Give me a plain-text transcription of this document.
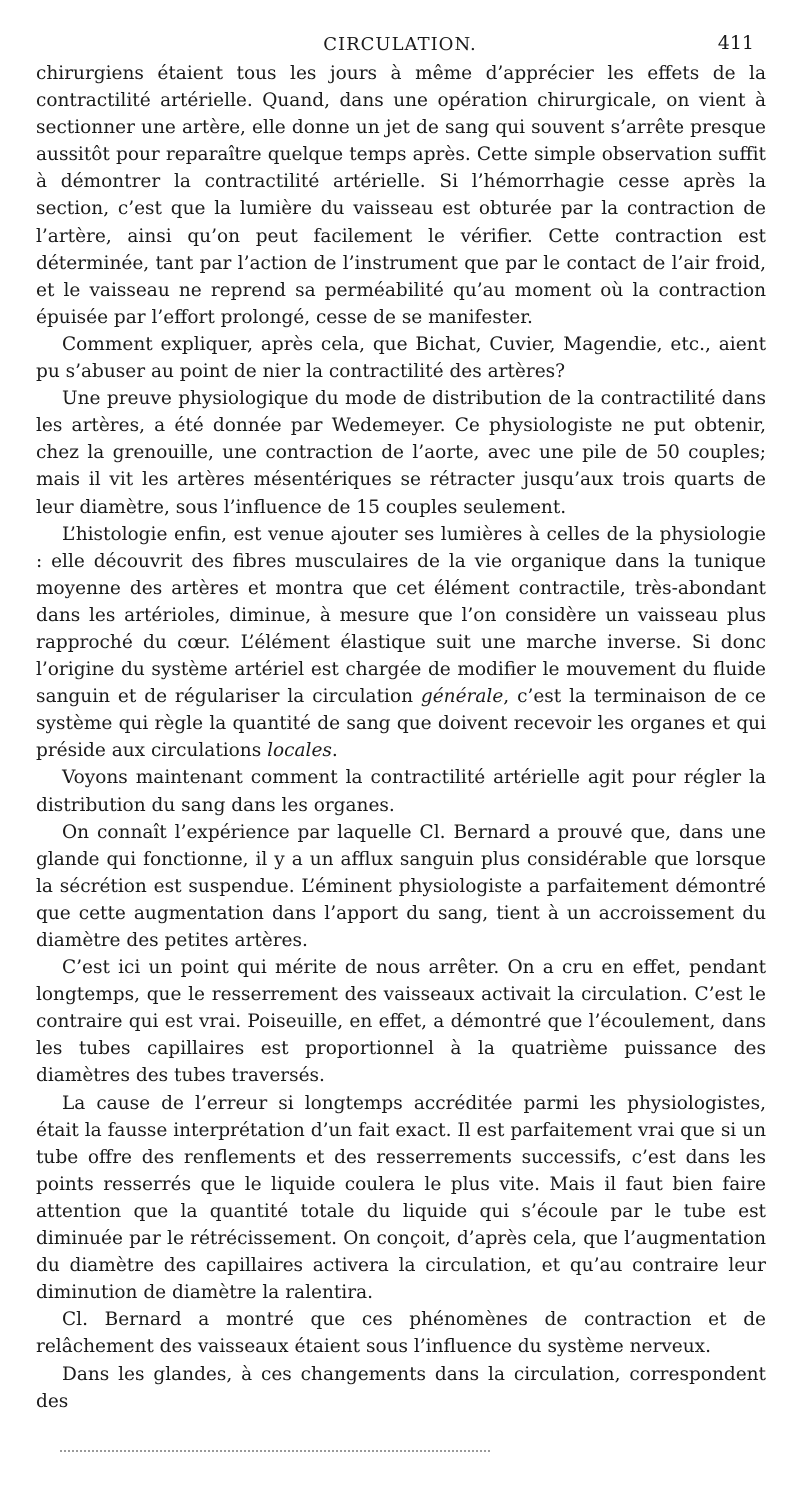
CIRCULATION.	411

chirurgiens étaient tous les jours à même d’apprécier les effets de la contractilité artérielle. Quand, dans une opération chirurgicale, on vient à sectionner une artère, elle donne un jet de sang qui souvent s’arrête presque aussitôt pour reparaître quelque temps après. Cette simple observation suffit à démontrer la contractilité artérielle. Si l’hémorrhagie cesse après la section, c’est que la lumière du vaisseau est obturée par la contraction de l’artère, ainsi qu’on peut facilement le vérifier. Cette contraction est déterminée, tant par l’action de l’instrument que par le contact de l’air froid, et le vaisseau ne reprend sa perméabilité qu’au moment où la contraction épuisée par l’effort prolongé, cesse de se manifester.

Comment expliquer, après cela, que Bichat, Cuvier, Magendie, etc., aient pu s’abuser au point de nier la contractilité des artères?

Une preuve physiologique du mode de distribution de la contractilité dans les artères, a été donnée par Wedemeyer. Ce physiologiste ne put obtenir, chez la grenouille, une contraction de l’aorte, avec une pile de 50 couples; mais il vit les artères mésentériques se rétracter jusqu’aux trois quarts de leur diamètre, sous l’influence de 15 couples seulement.

L’histologie enfin, est venue ajouter ses lumières à celles de la physiologie : elle découvrit des fibres musculaires de la vie organique dans la tunique moyenne des artères et montra que cet élément contractile, très-abondant dans les artérioles, diminue, à mesure que l’on considère un vaisseau plus rapproché du cœur. L’élément élastique suit une marche inverse. Si donc l’origine du système artériel est chargée de modifier le mouvement du fluide sanguin et de régulariser la circulation générale, c’est la terminaison de ce système qui règle la quantité de sang que doivent recevoir les organes et qui préside aux circulations locales.

Voyons maintenant comment la contractilité artérielle agit pour régler la distribution du sang dans les organes.

On connaît l’expérience par laquelle Cl. Bernard a prouvé que, dans une glande qui fonctionne, il y a un afflux sanguin plus considérable que lorsque la sécrétion est suspendue. L’éminent physiologiste a parfaitement démontré que cette augmentation dans l’apport du sang, tient à un accroissement du diamètre des petites artères.

C’est ici un point qui mérite de nous arrêter. On a cru en effet, pendant longtemps, que le resserrement des vaisseaux activait la circulation. C’est le contraire qui est vrai. Poiseuille, en effet, a démontré que l’écoulement, dans les tubes capillaires est proportionnel à la quatrième puissance des diamètres des tubes traversés.

La cause de l’erreur si longtemps accréditée parmi les physiologistes, était la fausse interprétation d’un fait exact. Il est parfaitement vrai que si un tube offre des renflements et des resserrements successifs, c’est dans les points resserrés que le liquide coulera le plus vite. Mais il faut bien faire attention que la quantité totale du liquide qui s’écoule par le tube est diminuée par le rétrécissement. On conçoit, d’après cela, que l’augmentation du diamètre des capillaires activera la circulation, et qu’au contraire leur diminution de diamètre la ralentira.

Cl. Bernard a montré que ces phénomènes de contraction et de relâchement des vaisseaux étaient sous l’influence du système nerveux.

Dans les glandes, à ces changements dans la circulation, correspondent des
